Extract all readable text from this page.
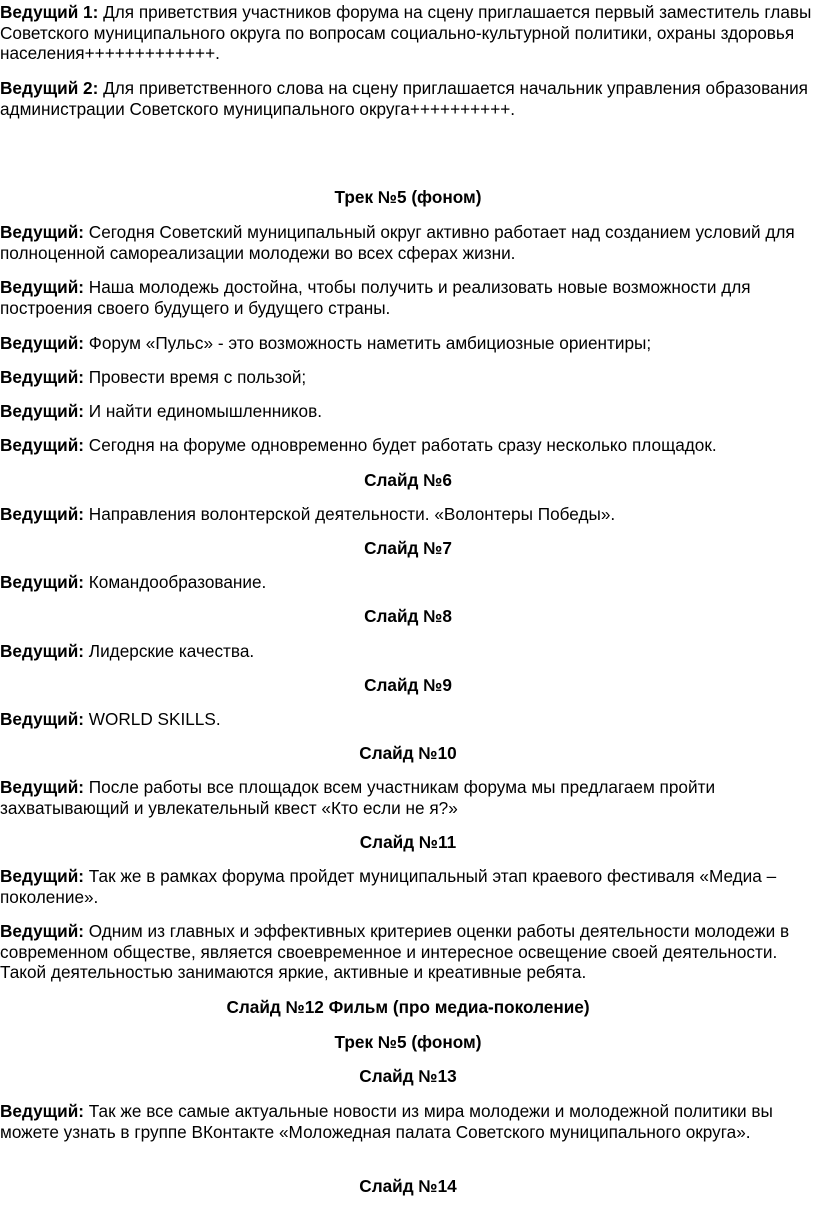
Ведущий 1: Для приветствия участников форума на сцену приглашается первый заместитель главы Советского муниципального округа по вопросам социально-культурной политики, охраны здоровья населения+++++++++++++.

Ведущий 2: Для приветственного слова на сцену приглашается начальник управления образования администрации Советского муниципального округа++++++++++.

Трек №5 (фоном)

Ведущий: Сегодня Советский муниципальный округ активно работает над созданием условий для полноценной самореализации молодежи во всех сферах жизни.

Ведущий: Наша молодежь достойна, чтобы получить и реализовать новые возможности для построения своего будущего и будущего страны.

Ведущий: Форум «Пульс» - это возможность наметить амбициозные ориентиры;

Ведущий: Провести время с пользой;

Ведущий: И найти единомышленников.

Ведущий: Сегодня на форуме одновременно будет работать сразу несколько площадок.

Слайд №6

Ведущий: Направления волонтерской деятельности. «Волонтеры Победы».

Слайд №7

Ведущий: Командообразование.

Слайд №8

Ведущий: Лидерские качества.

Слайд №9

Ведущий: WORLD SKILLS.

Слайд №10

Ведущий: После работы все площадок всем участникам форума мы предлагаем пройти захватывающий и увлекательный квест «Кто если не я?»

Слайд №11

Ведущий: Так же в рамках форума пройдет муниципальный этап краевого фестиваля «Медиа – поколение».

Ведущий: Одним из главных и эффективных критериев оценки работы деятельности молодежи в современном обществе, является своевременное и интересное освещение своей деятельности. Такой деятельностью занимаются яркие, активные и креативные ребята.

Слайд №12 Фильм (про медиа-поколение)

Трек №5 (фоном)

Слайд №13

Ведущий: Так же все самые актуальные новости из мира молодежи и молодежной политики вы можете узнать в группе ВКонтакте «Моложедная палата Советского муниципального округа».

Слайд №14
